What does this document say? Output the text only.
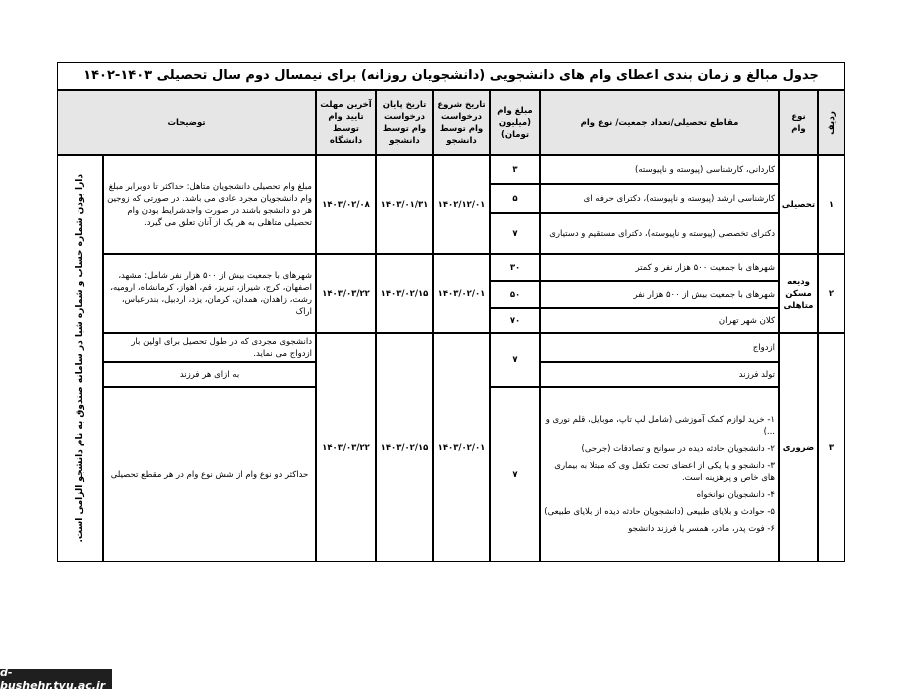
جدول مبالغ و زمان بندی اعطای وام های دانشجویی (دانشجویان روزانه) برای نیمسال دوم سال تحصیلی ۱۴۰۳-۱۴۰۲
ردیف
نوع وام
مقاطع تحصیلی/تعداد جمعیت/ نوع وام
مبلغ وام (میلیون تومان)
تاریخ شروع درخواست وام توسط دانشجو
تاریخ پایان درخواست وام توسط دانشجو
آخرین مهلت تایید وام توسط دانشگاه
توضیحات
دارا بودن شماره حساب و شماره شبا در سامانه صندوق به نام دانشجو الزامی است.	۱
تحصیلی
کاردانی، کارشناسی (پیوسته و ناپیوسته)
کارشناسی ارشد (پیوسته و ناپیوسته)، دکترای حرفه ای
دکترای تخصصی (پیوسته و ناپیوسته)، دکترای مستقیم و دستیاری
۳
۵
۷
۱۴۰۲/۱۲/۰۱
۱۴۰۳/۰۱/۳۱
۱۴۰۳/۰۲/۰۸
مبلغ وام تحصیلی دانشجویان متاهل: حداکثر تا دوبرابر مبلغ وام دانشجویان مجرد عادی می باشد. در صورتی که زوجین هر دو دانشجو باشند در صورت واجدشرایط بودن وام تحصیلی متاهلی به هر یک از آنان تعلق می گیرد.
۲
ودیعه مسکن متاهلی
شهرهای با جمعیت ۵۰۰ هزار نفر و کمتر
شهرهای با جمعیت بیش از ۵۰۰ هزار نفر
کلان شهر تهران
۳۰
۵۰
۷۰
۱۴۰۳/۰۲/۰۱
۱۴۰۳/۰۲/۱۵
۱۴۰۳/۰۳/۲۲
شهرهای با جمعیت بیش از ۵۰۰ هزار نفر شامل: مشهد، اصفهان، کرج، شیراز، تبریز، قم، اهواز، کرمانشاه، ارومیه، رشت، زاهدان، همدان، کرمان، یزد، اردبیل، بندرعباس، اراک
۳
ضروری
ازدواج
تولد فرزند
۱- خرید لوازم کمک آموزشی (شامل لپ تاپ، موبایل، قلم نوری و ...)
۲- دانشجویان حادثه دیده در سوانح و تصادفات (جرحی)
۳- دانشجو و یا یکی از اعضای تحت تکفل وی که مبتلا به بیماری های خاص و پرهزینه است.
۴- دانشجویان نوانخواه
۵- حوادث و بلایای طبیعی (دانشجویان حادثه دیده از بلایای طبیعی)
۶- فوت پدر، مادر، همسر یا فرزند دانشجو
۷
۷
۱۴۰۳/۰۲/۰۱
۱۴۰۳/۰۲/۱۵
۱۴۰۳/۰۳/۲۲
دانشجوی مجردی که در طول تحصیل برای اولین بار ازدواج می نماید.
به ازای هر فرزند
حداکثر دو نوع وام از شش نوع وام در هر مقطع تحصیلی
d-bushehr.tvu.ac.ir
